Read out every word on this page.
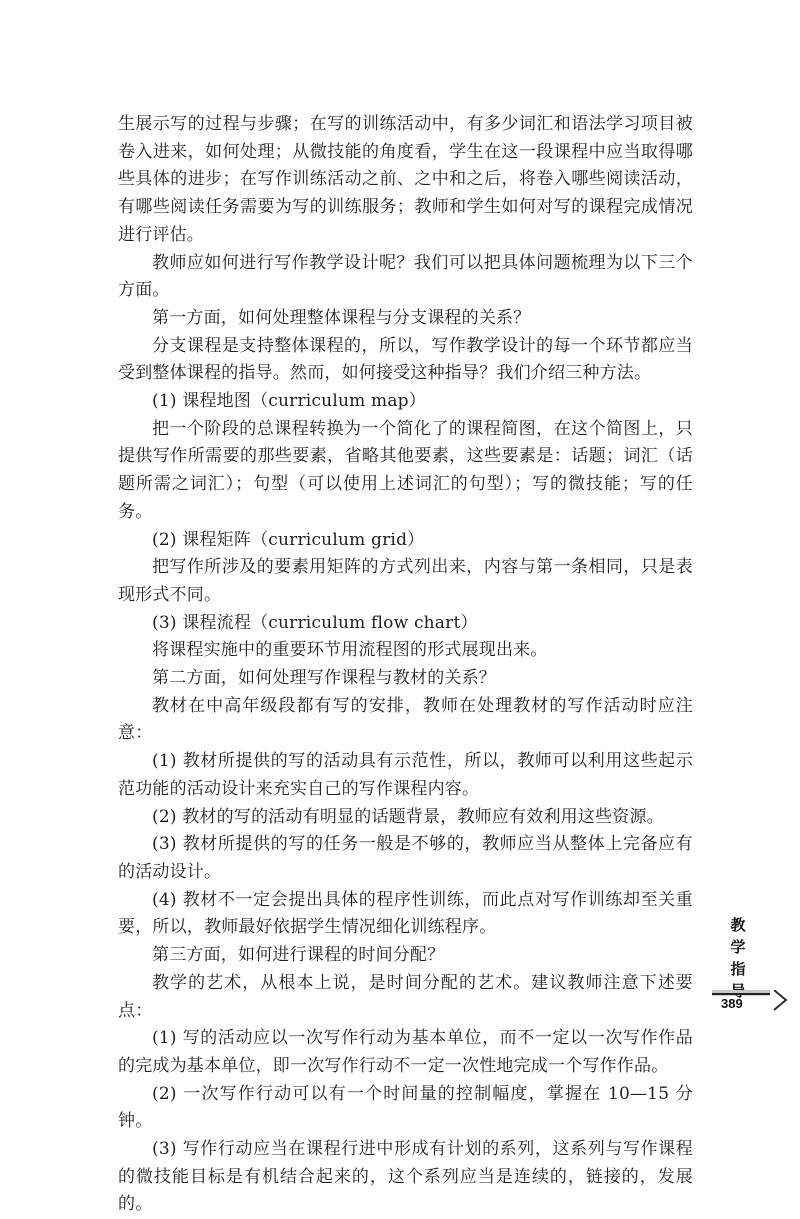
生展示写的过程与步骤；在写的训练活动中，有多少词汇和语法学习项目被卷入进来，如何处理；从微技能的角度看，学生在这一段课程中应当取得哪些具体的进步；在写作训练活动之前、之中和之后，将卷入哪些阅读活动，有哪些阅读任务需要为写的训练服务；教师和学生如何对写的课程完成情况进行评估。

教师应如何进行写作教学设计呢？我们可以把具体问题梳理为以下三个方面。

第一方面，如何处理整体课程与分支课程的关系？

分支课程是支持整体课程的，所以，写作教学设计的每一个环节都应当受到整体课程的指导。然而，如何接受这种指导？我们介绍三种方法。

(1) 课程地图（curriculum map）

把一个阶段的总课程转换为一个简化了的课程简图，在这个简图上，只提供写作所需要的那些要素，省略其他要素，这些要素是：话题；词汇（话题所需之词汇）；句型（可以使用上述词汇的句型）；写的微技能；写的任务。

(2) 课程矩阵（curriculum grid）

把写作所涉及的要素用矩阵的方式列出来，内容与第一条相同，只是表现形式不同。

(3) 课程流程（curriculum flow chart）

将课程实施中的重要环节用流程图的形式展现出来。

第二方面，如何处理写作课程与教材的关系？

教材在中高年级段都有写的安排，教师在处理教材的写作活动时应注意：

(1) 教材所提供的写的活动具有示范性，所以，教师可以利用这些起示范功能的活动设计来充实自己的写作课程内容。

(2) 教材的写的活动有明显的话题背景，教师应有效利用这些资源。

(3) 教材所提供的写的任务一般是不够的，教师应当从整体上完备应有的活动设计。

(4) 教材不一定会提出具体的程序性训练，而此点对写作训练却至关重要，所以，教师最好依据学生情况细化训练程序。

第三方面，如何进行课程的时间分配？

教学的艺术，从根本上说，是时间分配的艺术。建议教师注意下述要点：

(1) 写的活动应以一次写作行动为基本单位，而不一定以一次写作作品的完成为基本单位，即一次写作行动不一定一次性地完成一个写作作品。

(2) 一次写作行动可以有一个时间量的控制幅度，掌握在 10—15 分钟。

(3) 写作行动应当在课程行进中形成有计划的系列，这系列与写作课程的微技能目标是有机结合起来的，这个系列应当是连续的，链接的，发展的。

教
学
指
389
